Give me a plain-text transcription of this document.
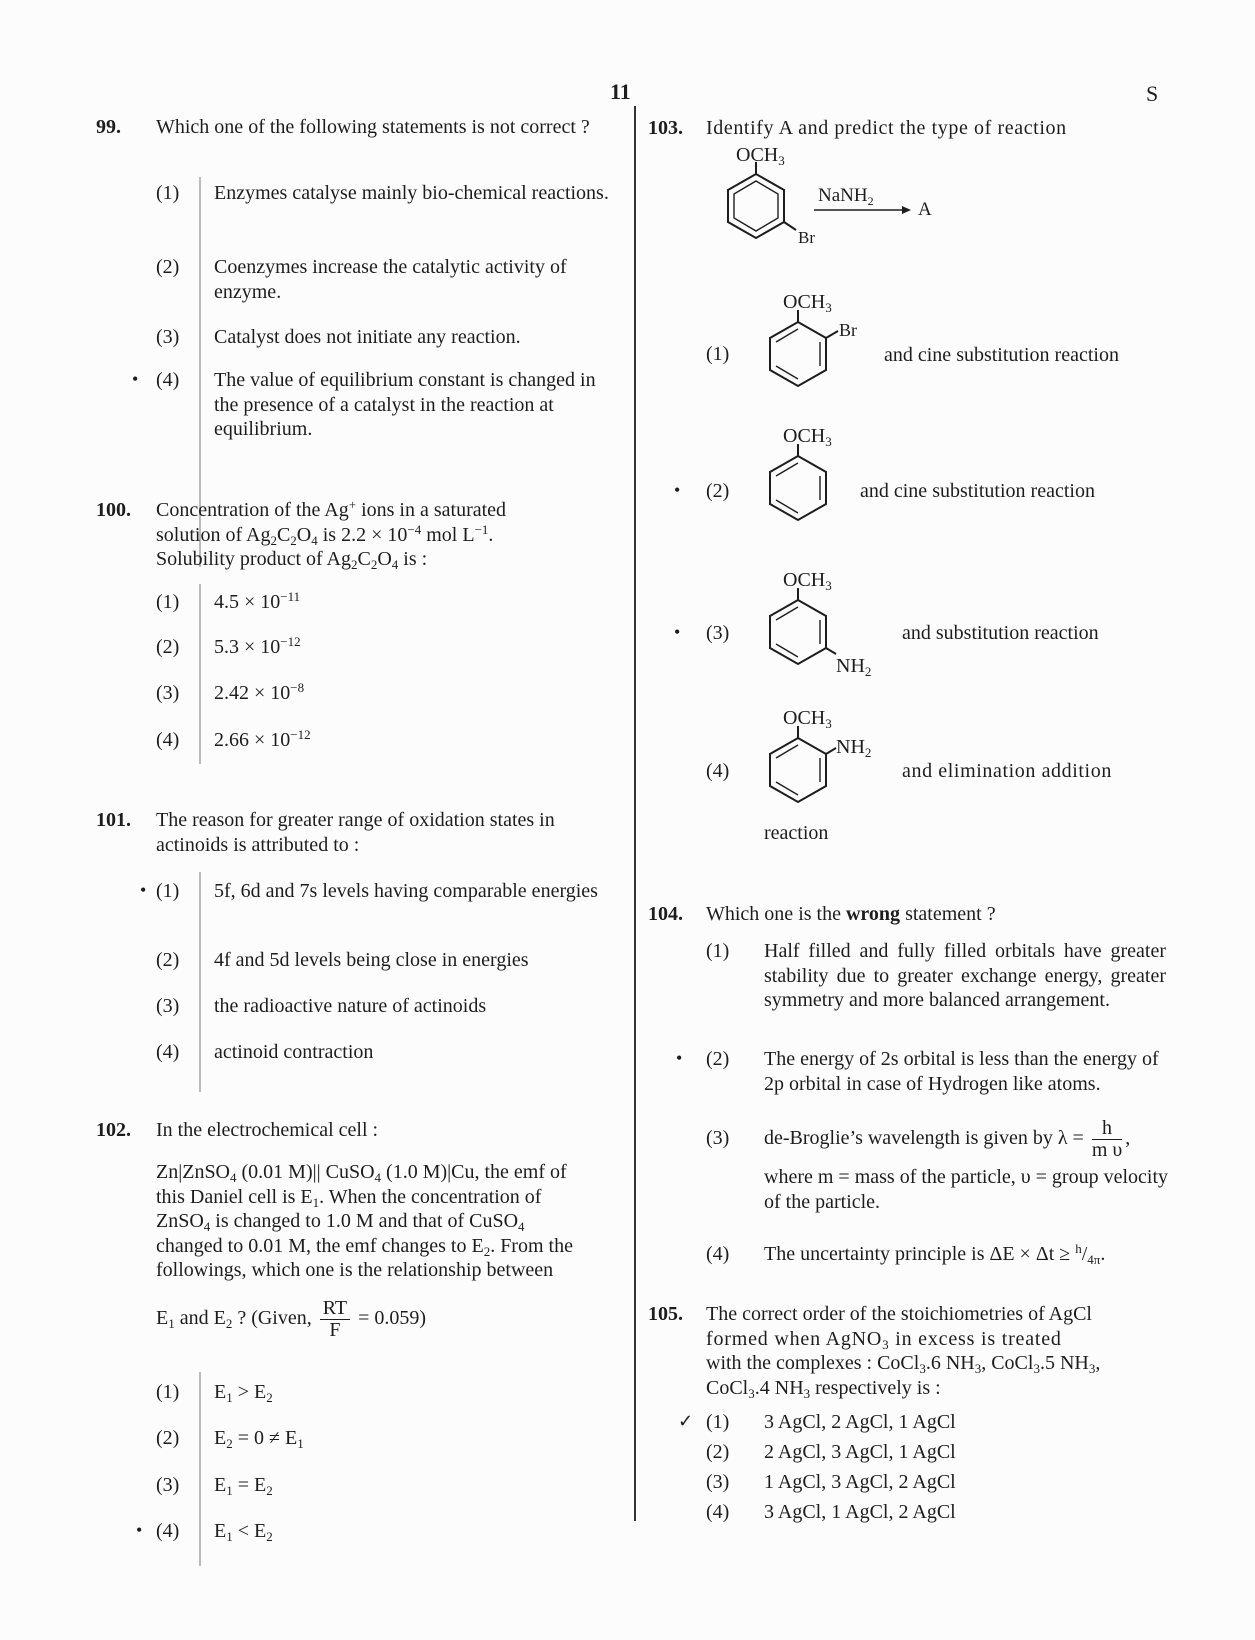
11	S
99. Which one of the following statements is not correct ?
(1) Enzymes catalyse mainly bio-chemical reactions.
(2) Coenzymes increase the catalytic activity of enzyme.
(3) Catalyst does not initiate any reaction.
• (4) The value of equilibrium constant is changed in the presence of a catalyst in the reaction at equilibrium.
100. Concentration of the Ag+ ions in a saturated
solution of $Ag_2C_2O_4$ is $2.2 \times 10^{-4}$ mol $L^{-1}$.
Solubility product of $Ag_2C_2O_4$ is :
(1) $4.5 \times 10^{-11}$
(2) $5.3 \times 10^{-12}$
(3) $2.42 \times 10^{-8}$
(4) $2.66 \times 10^{-12}$
101. The reason for greater range of oxidation states in actinoids is attributed to :
• (1) 5f, 6d and 7s levels having comparable energies
(2) 4f and 5d levels being close in energies
(3) the radioactive nature of actinoids
(4) actinoid contraction
102. In the electrochemical cell :
Zn|ZnSO$_4$ (0.01 M)|| CuSO$_4$ (1.0 M)|Cu, the emf of
this Daniel cell is $E_1$. When the concentration of
ZnSO$_4$ is changed to 1.0 M and that of CuSO$_4$
changed to 0.01 M, the emf changes to $E_2$. From the
followings, which one is the relationship between
$E_1$ and $E_2$ ? (Given, $\frac{RT}{F} = 0.059$)
(1) $E_1 > E_2$
(2) $E_2 = 0 \ne E_1$
(3) $E_1 = E_2$
• (4) $E_1 < E_2$
103. Identify A and predict the type of reaction
$OCH_3$
Br
NaNH$_2$ A
(1)
$OCH_3$
Br
and cine substitution reaction
• (2)
$OCH_3$
and cine substitution reaction
• (3)
$OCH_3$
$NH_2$
and substitution reaction
(4)
$OCH_3$
$NH_2$
and elimination addition
reaction
104. Which one is the wrong statement ?
(1) Half filled and fully filled orbitals have greater stability due to greater exchange energy, greater symmetry and more balanced arrangement.
• (2) The energy of 2s orbital is less than the energy of 2p orbital in case of Hydrogen like atoms.
(3) de-Broglie’s wavelength is given by $\lambda = \frac{h}{\text{m υ}}$ ,
where m = mass of the particle, υ = group velocity of the particle.
(4) The uncertainty principle is $\Delta E \times \Delta t \ge ^h/_{4\pi}$.
105. The correct order of the stoichiometries of AgCl
formed when AgNO$_3$ in excess is treated
with the complexes : CoCl$_3$.6 $NH_3$, CoCl$_3$.5 $NH_3$,
CoCl$_3$.4 $NH_3$ respectively is :
✓ (1) 3 AgCl, 2 AgCl, 1 AgCl
(2) 2 AgCl, 3 AgCl, 1 AgCl
(3) 1 AgCl, 3 AgCl, 2 AgCl
(4) 3 AgCl, 1 AgCl, 2 AgCl
